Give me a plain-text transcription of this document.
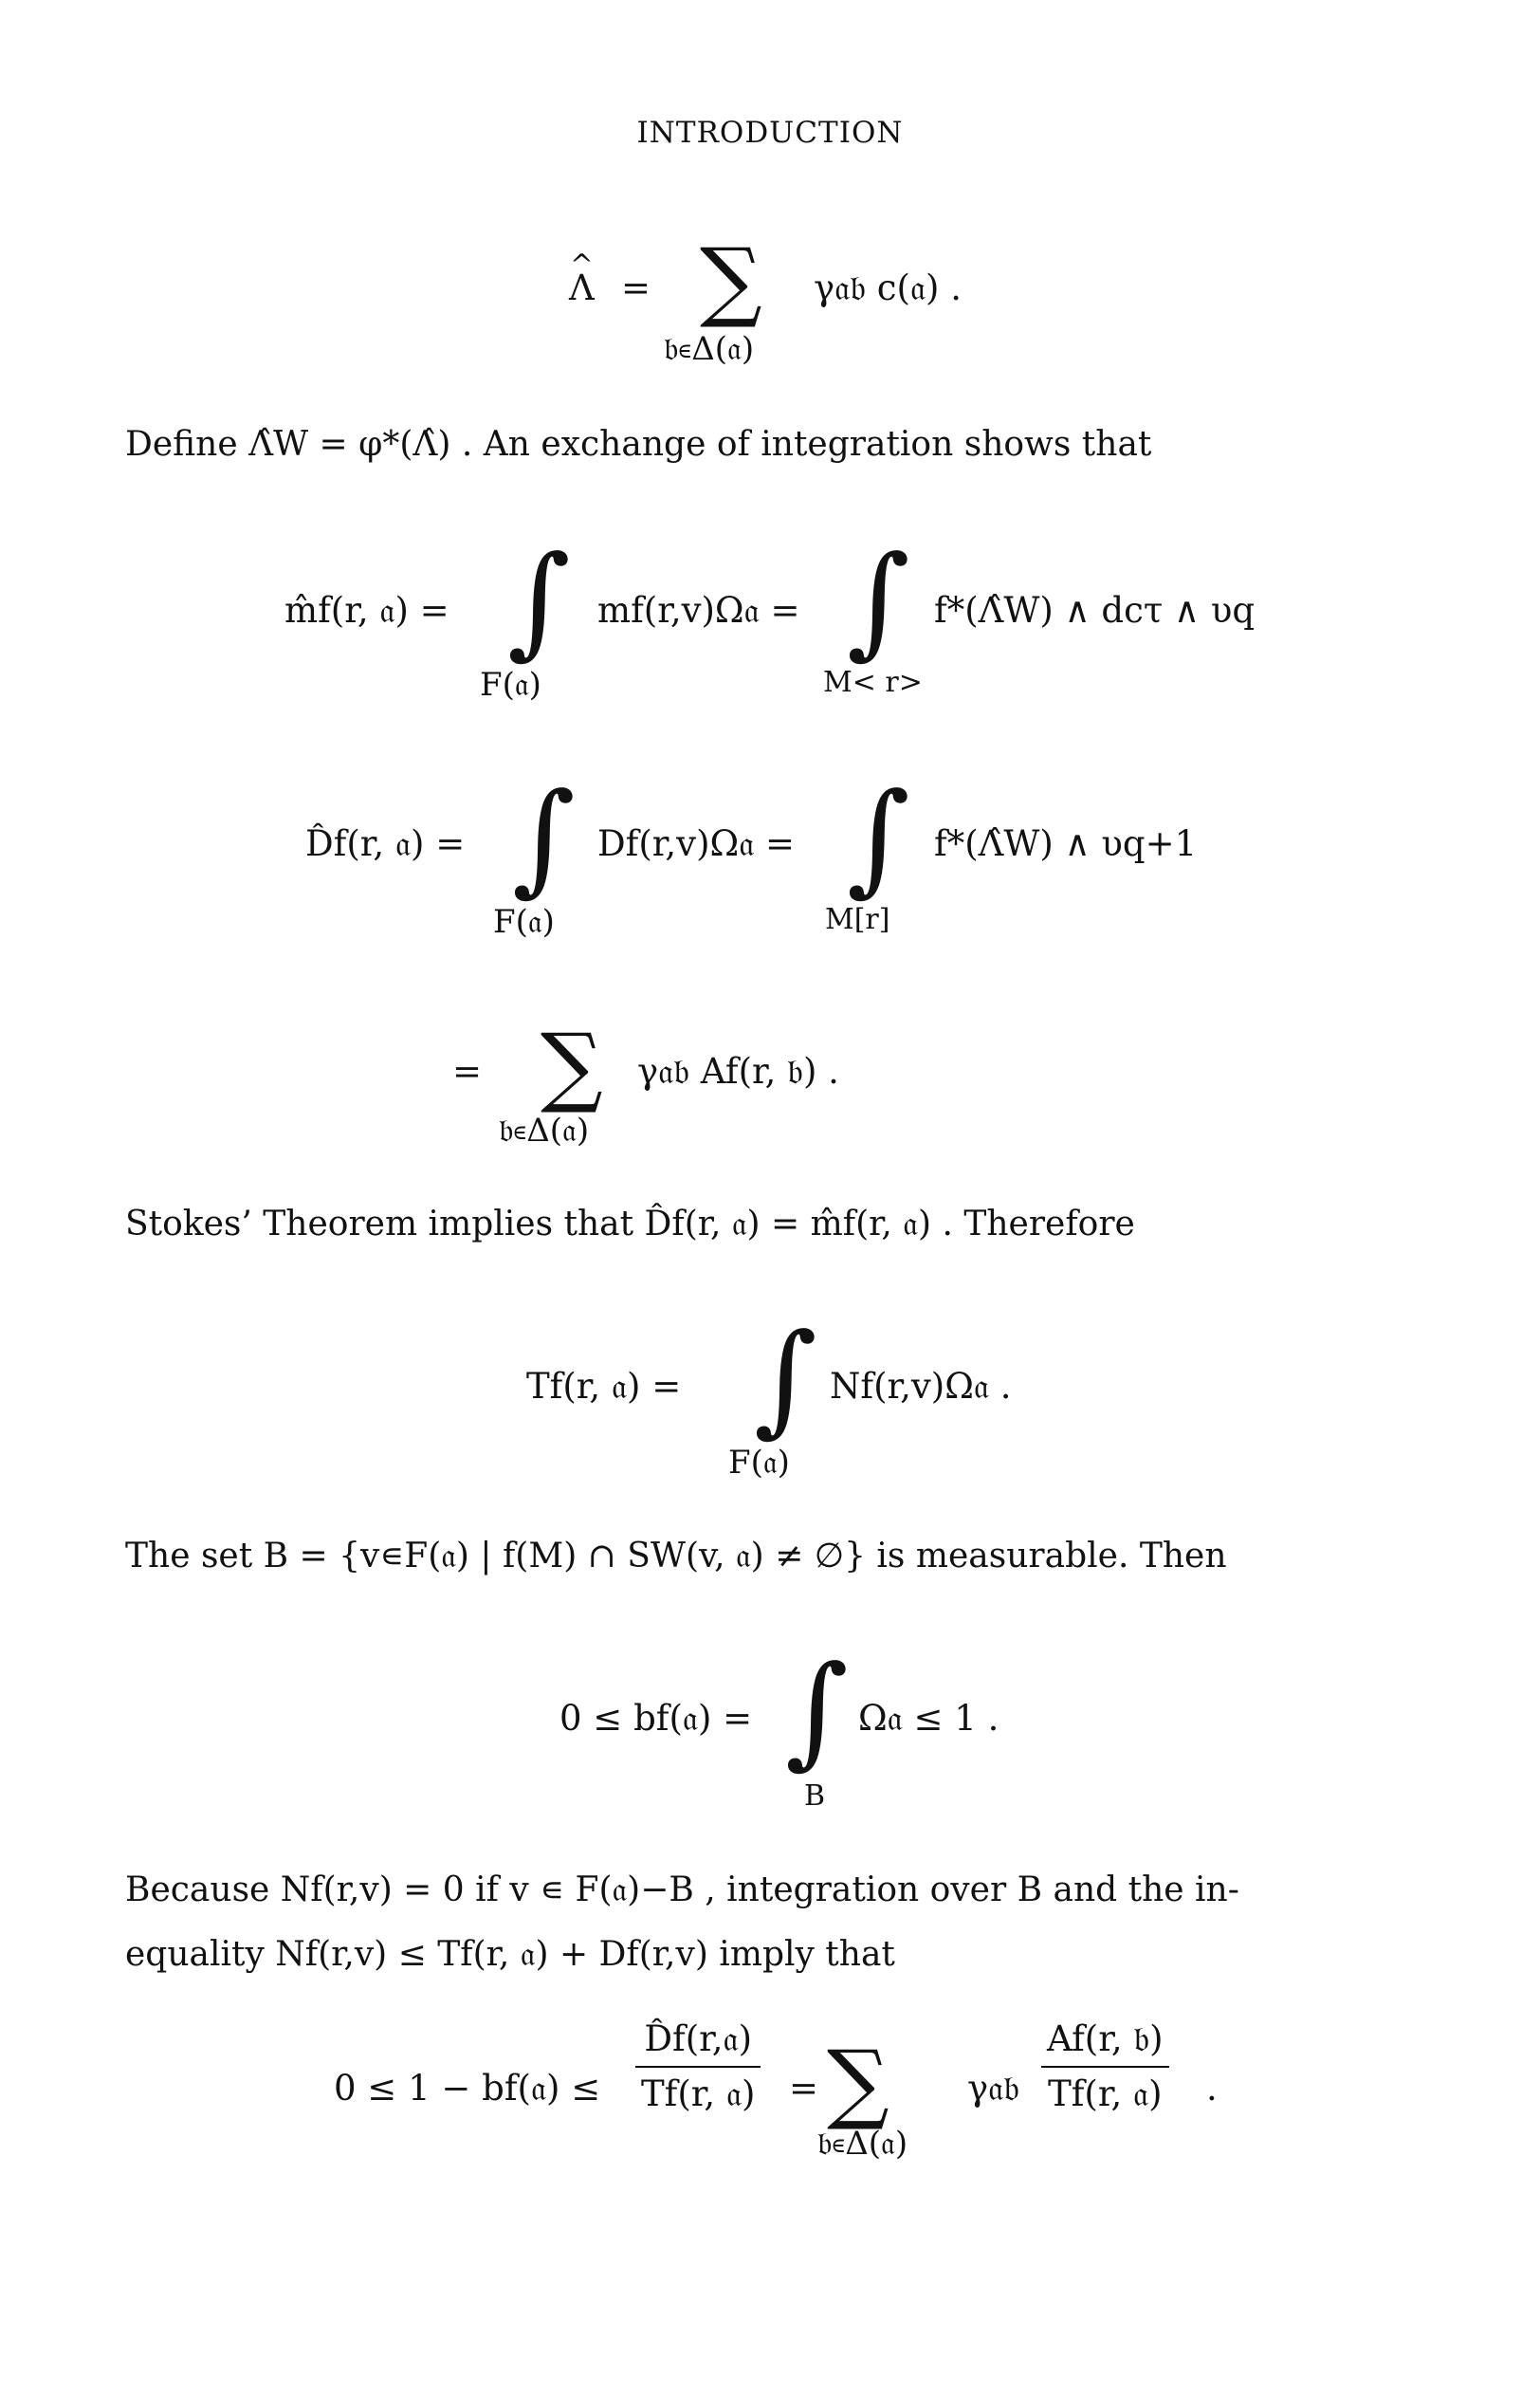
INTRODUCTION
^ Λ = ∑ γ𝔞𝔟 c(𝔞) .
𝔟∊Δ(𝔞)
Define Λ̂W = φ*(Λ̂) . An exchange of integration shows that
m̂f(r, 𝔞) = ∫ mf(r,v)Ω𝔞 = ∫ f*(Λ̂W) ∧ dcτ ∧ υq
F(𝔞)	M< r>
D̂f(r, 𝔞) = ∫ Df(r,v)Ω𝔞 = ∫ f*(Λ̂W) ∧ υq+1
F(𝔞)	M[r]
= ∑ γ𝔞𝔟 Af(r, 𝔟) .
𝔟∊Δ(𝔞)
Stokes’ Theorem implies that D̂f(r, 𝔞) = m̂f(r, 𝔞) . Therefore
Tf(r, 𝔞) = ∫ Nf(r,v)Ω𝔞 .
F(𝔞)
The set B = {v∊F(𝔞) | f(M) ∩ SW(v, 𝔞) ≠ ∅} is measurable. Then
0 ≤ bf(𝔞) = ∫ Ω𝔞 ≤ 1 .
B
Because Nf(r,v) = 0 if v ∊ F(𝔞)−B , integration over B and the in-
equality Nf(r,v) ≤ Tf(r, 𝔞) + Df(r,v) imply that
0 ≤ 1 − bf(𝔞) ≤ $\frac{\text{D̂f(r,𝔞)}}{\text{Tf(r, 𝔞)}}$ = ∑ γ𝔞𝔟 $\frac{\text{Af(r, 𝔟)}}{\text{Tf(r, 𝔞)}}$ .
𝔟∊Δ(𝔞)
